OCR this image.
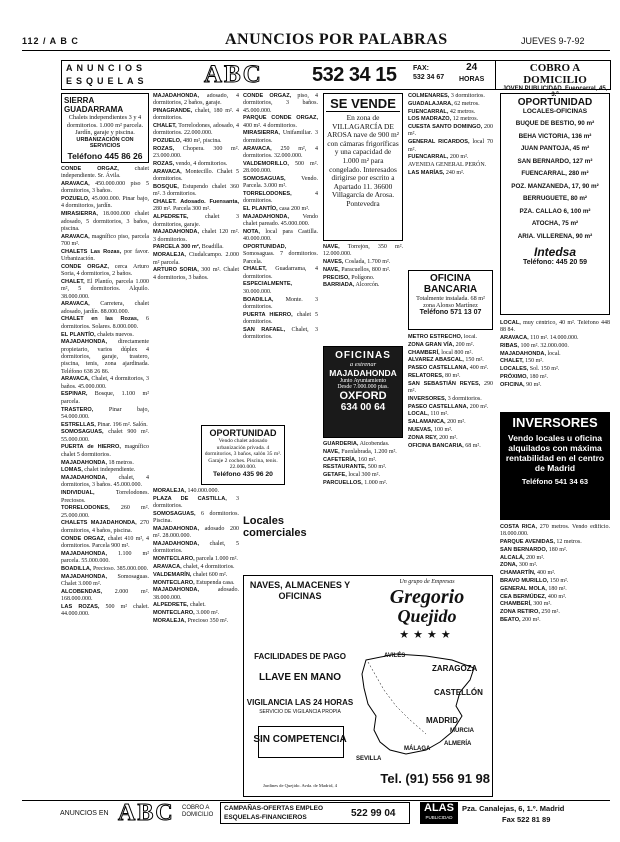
112 / A B C	ANUNCIOS POR PALABRAS	JUEVES 9-7-92
ANUNCIOS
ESQUELAS ABC 532 34 15 FAX:
532 34 67
24
HORAS
COBRO A DOMICILIO
JOVEN PUBLICIDAD. Fuencarral, 45, 3.º
SIERRA GUADARRAMA
Chalets independientes 3 y 4 dormitorios. 1.000 m² parcela. Jardín, garaje y piscina.
URBANIZACIÓN CON SERVICIOS
Teléfono 445 86 26

CONDE ORGAZ, chalet independiente. Sr. Ávila.

ARAVACA, 450.000.000 piso 5 dormitorios, 3 baños.

POZUELO, 45.000.000. Pinar bajo, 4 dormitorios, jardín.

MIRASIERRA, 18.000.000 chalet adosado, 5 dormitorios, 3 baños, piscina.

ARAVACA, magnífico piso, parcela 700 m².

CHALETS Las Rozas, por favor. Urbanización.

CONDE ORGAZ, cerca Arturo Soria, 4 dormitorios, 2 baños.

CHALET, El Plantío, parcela 1.000 m², 5 dormitorios. Alquilo. 38.000.000.

ARAVACA, Carretera, chalet adosado, jardín. 88.000.000.

CHALET en las Rozas, 6 dormitorios. Solares. 8.000.000.

EL PLANTÍO, chalets nuevos.

MAJADAHONDA, directamente propietario, varios dúplex 4 dormitorios, garaje, trastero, piscina, tenis, zona ajardinada. Teléfono 638 26 86.

ARAVACA, Chalet, 4 dormitorios, 3 baños. 45.000.000.

ESPINAR, Bosque, 1.100 m² parcela.

TRASTERO, Pinar bajo, 54.000.000.

ESTRELLAS, Pinar. 196 m². Salón.

SOMOSAGUAS, chalet 900 m². 55.000.000.

PUERTA de HIERRO, magnífico chalet 5 dormitorios.

MAJADAHONDA, 18 metros.

LOMAS, chalet independiente.

MAJADAHONDA, chalet, 4 dormitorios, 3 baños. 45.000.000.

INDIVIDUAL, Torrelodones. Preciosos.

TORRELODONES, 260 m². 25.000.000.

CHALETS MAJADAHONDA, 270 dormitorios, 4 baños, piscina.

CONDE ORGAZ, chalet 410 m², 4 dormitorios. Parcela 900 m².

MAJADAHONDA, 1.100 m² parcela. 55.000.000.

BOADILLA, Precioso. 385.000.000.

MAJADAHONDA, Somosaguas. Chalet 3.000 m².

ALCOBENDAS, 2.000 m². 168.000.000.

LAS ROZAS, 500 m² chalet. 44.000.000.

MAJADAHONDA, adosado, 4 dormitorios, 2 baños, garaje.

PINAGRANDE, chalet, 180 m². 4 dormitorios.

CHALET, Torrelodones, adosado, 4 dormitorios. 22.000.000.

POZUELO, 480 m², piscina.

ROZAS, Chopera. 300 m². 23.000.000.

ROZAS, vendo, 4 dormitorios.

ARAVACA, Montecillo. Chalet 5 dormitorios.

BOSQUE, Estupendo chalet 360 m². 3 dormitorios.

CHALET. Adosado. Fuensanta, 280 m². Parcela 300 m².

ALPEDRETE, chalet 3 dormitorios, garaje.

MAJADAHONDA, chalet 120 m². 3 dormitorios.

PARCELA 300 m², Boadilla.

MORALEJA, Ciudalcampo. 2.000 m² parcela.

ARTURO SORIA, 300 m². Chalet 4 dormitorios, 3 baños.

OPORTUNIDAD
Vendo chalet adosado urbanización privada. 4 dormitorios, 3 baños, salón 35 m². Garaje 2 coches. Piscina, tenis. 22.000.000.
Teléfono 435 96 20

MORALEJA, 140.000.000.

PLAZA DE CASTILLA, 3 dormitorios.

SOMOSAGUAS, 6 dormitorios. Piscina.

MAJADAHONDA, adosado 200 m². 28.000.000.

MAJADAHONDA, chalet, 5 dormitorios.

MONTECLARO, parcela 1.000 m².

ARAVACA, chalet, 4 dormitorios.

VALDEMARÍN, chalet 600 m².

MONTECLARO, Estupenda casa.

MAJADAHONDA, adosado. 38.000.000.

ALPEDRETE, chalet.

MONTECLARO, 3.000 m².

MORALEJA, Precioso 350 m².

CONDE ORGAZ, piso, 4 dormitorios, 3 baños. 45.000.000.

PARQUE CONDE ORGAZ, 400 m². 4 dormitorios.

MIRASIERRA, Unifamiliar. 3 dormitorios.

ARAVACA, 250 m², 4 dormitorios. 32.000.000.

VALDEMORILLO, 500 m². 28.000.000.

SOMOSAGUAS, Vendo. Parcela. 3.000 m².

TORRELODONES, 4 dormitorios.

EL PLANTÍO, casa 200 m².

MAJADAHONDA, Vendo chalet pareado. 45.000.000.

NOTA, local para Castilla. 40.000.000.

OPORTUNIDAD, Somosaguas. 7 dormitorios. Parcela.

CHALET, Guadarrama, 4 dormitorios.

ESPECIALMENTE, 30.000.000.

BOADILLA, Monte. 3 dormitorios.

PUERTA HIERRO, chalet 5 dormitorios.

SAN RAFAEL, Chalet, 3 dormitorios.

SE VENDE
En zona de VILLAGARCÍA DE AROSA nave de 900 m² con cámaras frigoríficas y una capacidad de 1.000 m² para congelado. Interesados dirigirse por escrito a Apartado 11. 36600 Villagarcía de Arosa. Pontevedra

NAVE, Torrejón, 350 m². 12.000.000.

NAVES, Coslada, 1.700 m².

NAVE, Paracuellos, 800 m².

PRECISO, Polígono.

BARRIADA, Alcorcón.

OFICINAS
a estrenar
MAJADAHONDA
Junto Ayuntamiento
Desde 7.000.000 ptas.
OXFORD
634 00 64

GUARDERÍA, Alcobendas.

NAVE, Fuenlabrada, 1.200 m².

CAFETERÍA, 160 m².

RESTAURANTE, 500 m².

GETAFE, local 300 m².

PARCUELLOS, 1.000 m².

COLMENARES, 3 dormitorios.

GUADALAJARA, 62 metros.

FUENCARRAL, 42 metros.

LOS MADRAZO, 12 metros.

CUESTA SANTO DOMINGO, 200 m².

GENERAL RICARDOS, local 70 m².

FUENCARRAL, 200 m².

AVENIDA GENERAL PERÓN.

LAS MARÍAS, 240 m².

OFICINA BANCARIA
Totalmente instalada. 68 m² zona Alonso Martínez
Teléfono 571 13 07

METRO ESTRECHO, local.

ZONA GRAN VÍA, 200 m².

CHAMBERÍ, local 800 m².

ALVAREZ ABASCAL, 150 m².

PASEO CASTELLANA, 400 m².

RELATORES, 80 m².

SAN SEBASTIÁN REYES, 290 m².

INVERSORES, 3 dormitorios.

PASEO CASTELLANA, 200 m².

LOCAL, 110 m².

SALAMANCA, 200 m².

NUEVAS, 100 m².

ZONA REY, 200 m².

OFICINA BANCARIA, 68 m².

Locales comerciales
OPORTUNIDAD
LOCALES-OFICINAS
BUQUE DE BESTIO, 90 m²
BEHA VICTORIA, 136 m²
JUAN PANTOJA, 45 m²
SAN BERNARDO, 127 m²
FUENCARRAL, 280 m²
POZ. MANZANEDA, 17, 90 m²
BERRUGUETE, 80 m²
PZA. CALLAO 6, 100 m²
ATOCHA, 75 m²
ARIA. VILLERENA, 90 m²
Intedsa
Teléfono: 445 20 59

LOCAL, muy céntrico, 40 m². Teléfono 448 88 84.

ARAVACA, 110 m². 14.000.000.

RIBAS, 100 m². 32.000.000.

MAJADAHONDA, local.

CHALET, 150 m².

LOCALES, Sol. 150 m².

PRÓXIMO, 180 m².

OFICINA, 90 m².

INVERSORES
Vendo locales u oficina alquilados con máxima rentabilidad en el centro de Madrid
Teléfono 541 34 63

COSTA RICA, 270 metros. Vendo edificio. 18.000.000.

PARQUE AVENIDAS, 12 metros.

SAN BERNARDO, 180 m².

ALCALÁ, 200 m².

ZONA, 300 m².

CHAMARTÍN, 400 m².

BRAVO MURILLO, 150 m².

GENERAL MOLA, 180 m².

CEA BERMÚDEZ, 400 m².

CHAMBERÍ, 300 m².

ZONA RETIRO, 250 m².

BEATO, 200 m².

NAVES, ALMACENES Y OFICINAS
FACILIDADES DE PAGO
LLAVE EN MANO
VIGILANCIA LAS 24 HORAS
SERVICIO DE VIGILANCIA PROPIA
SIN COMPETENCIA
Jardines de Quejido. Avda. de Madrid, 4
Un grupo de Empresas
Gregorio
Quejido
★★★★
AVILÉS
ZARAGOZA
CASTELLÓN
MADRID
SEVILLA
MÁLAGA
ALMERÍA
MURCIA
Tel. (91) 556 91 98
ANUNCIOS EN ABC COBRO A DOMICILIO
CAMPAÑAS-OFERTAS EMPLEO
ESQUELAS-FINANCIEROS	522 99 04	ALAS
PUBLICIDAD
Pza. Canalejas, 6, 1.º. Madrid
Fax 522 81 89
